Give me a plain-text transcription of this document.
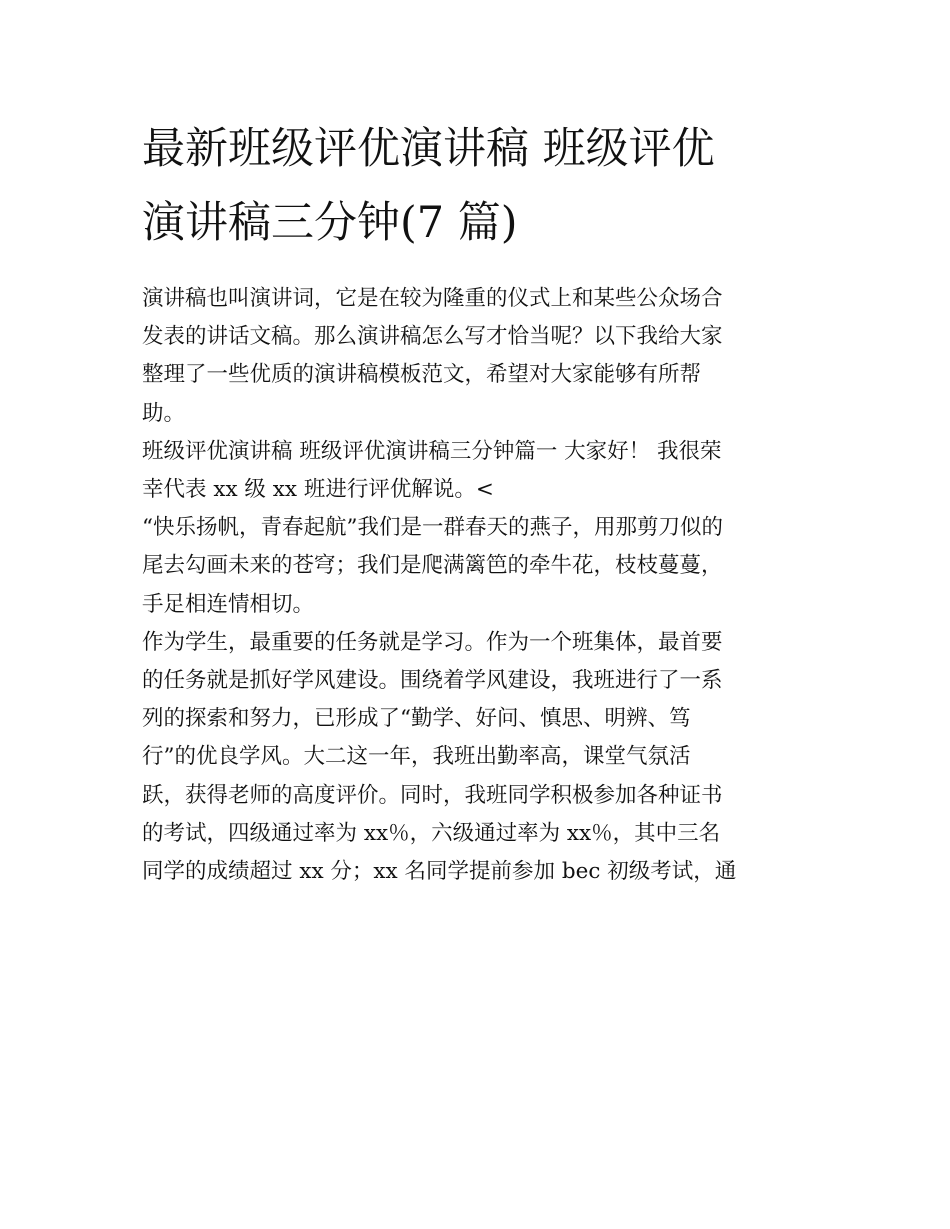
最新班级评优演讲稿 班级评优
演讲稿三分钟(7 篇)

演讲稿也叫演讲词，它是在较为隆重的仪式上和某些公众场合
发表的讲话文稿。那么演讲稿怎么写才恰当呢？以下我给大家
整理了一些优质的演讲稿模板范文，希望对大家能够有所帮
助。

班级评优演讲稿 班级评优演讲稿三分钟篇一 大家好！ 我很荣
幸代表 xx 级 xx 班进行评优解说。<

“快乐扬帆，青春起航”我们是一群春天的燕子，用那剪刀似的
尾去勾画未来的苍穹；我们是爬满篱笆的牵牛花，枝枝蔓蔓，
手足相连情相切。

作为学生，最重要的任务就是学习。作为一个班集体，最首要
的任务就是抓好学风建设。围绕着学风建设，我班进行了一系
列的探索和努力，已形成了“勤学、好问、慎思、明辨、笃
行”的优良学风。大二这一年，我班出勤率高，课堂气氛活
跃，获得老师的高度评价。同时，我班同学积极参加各种证书
的考试，四级通过率为 xx％，六级通过率为 xx％，其中三名
同学的成绩超过 xx 分；xx 名同学提前参加 bec 初级考试，通
